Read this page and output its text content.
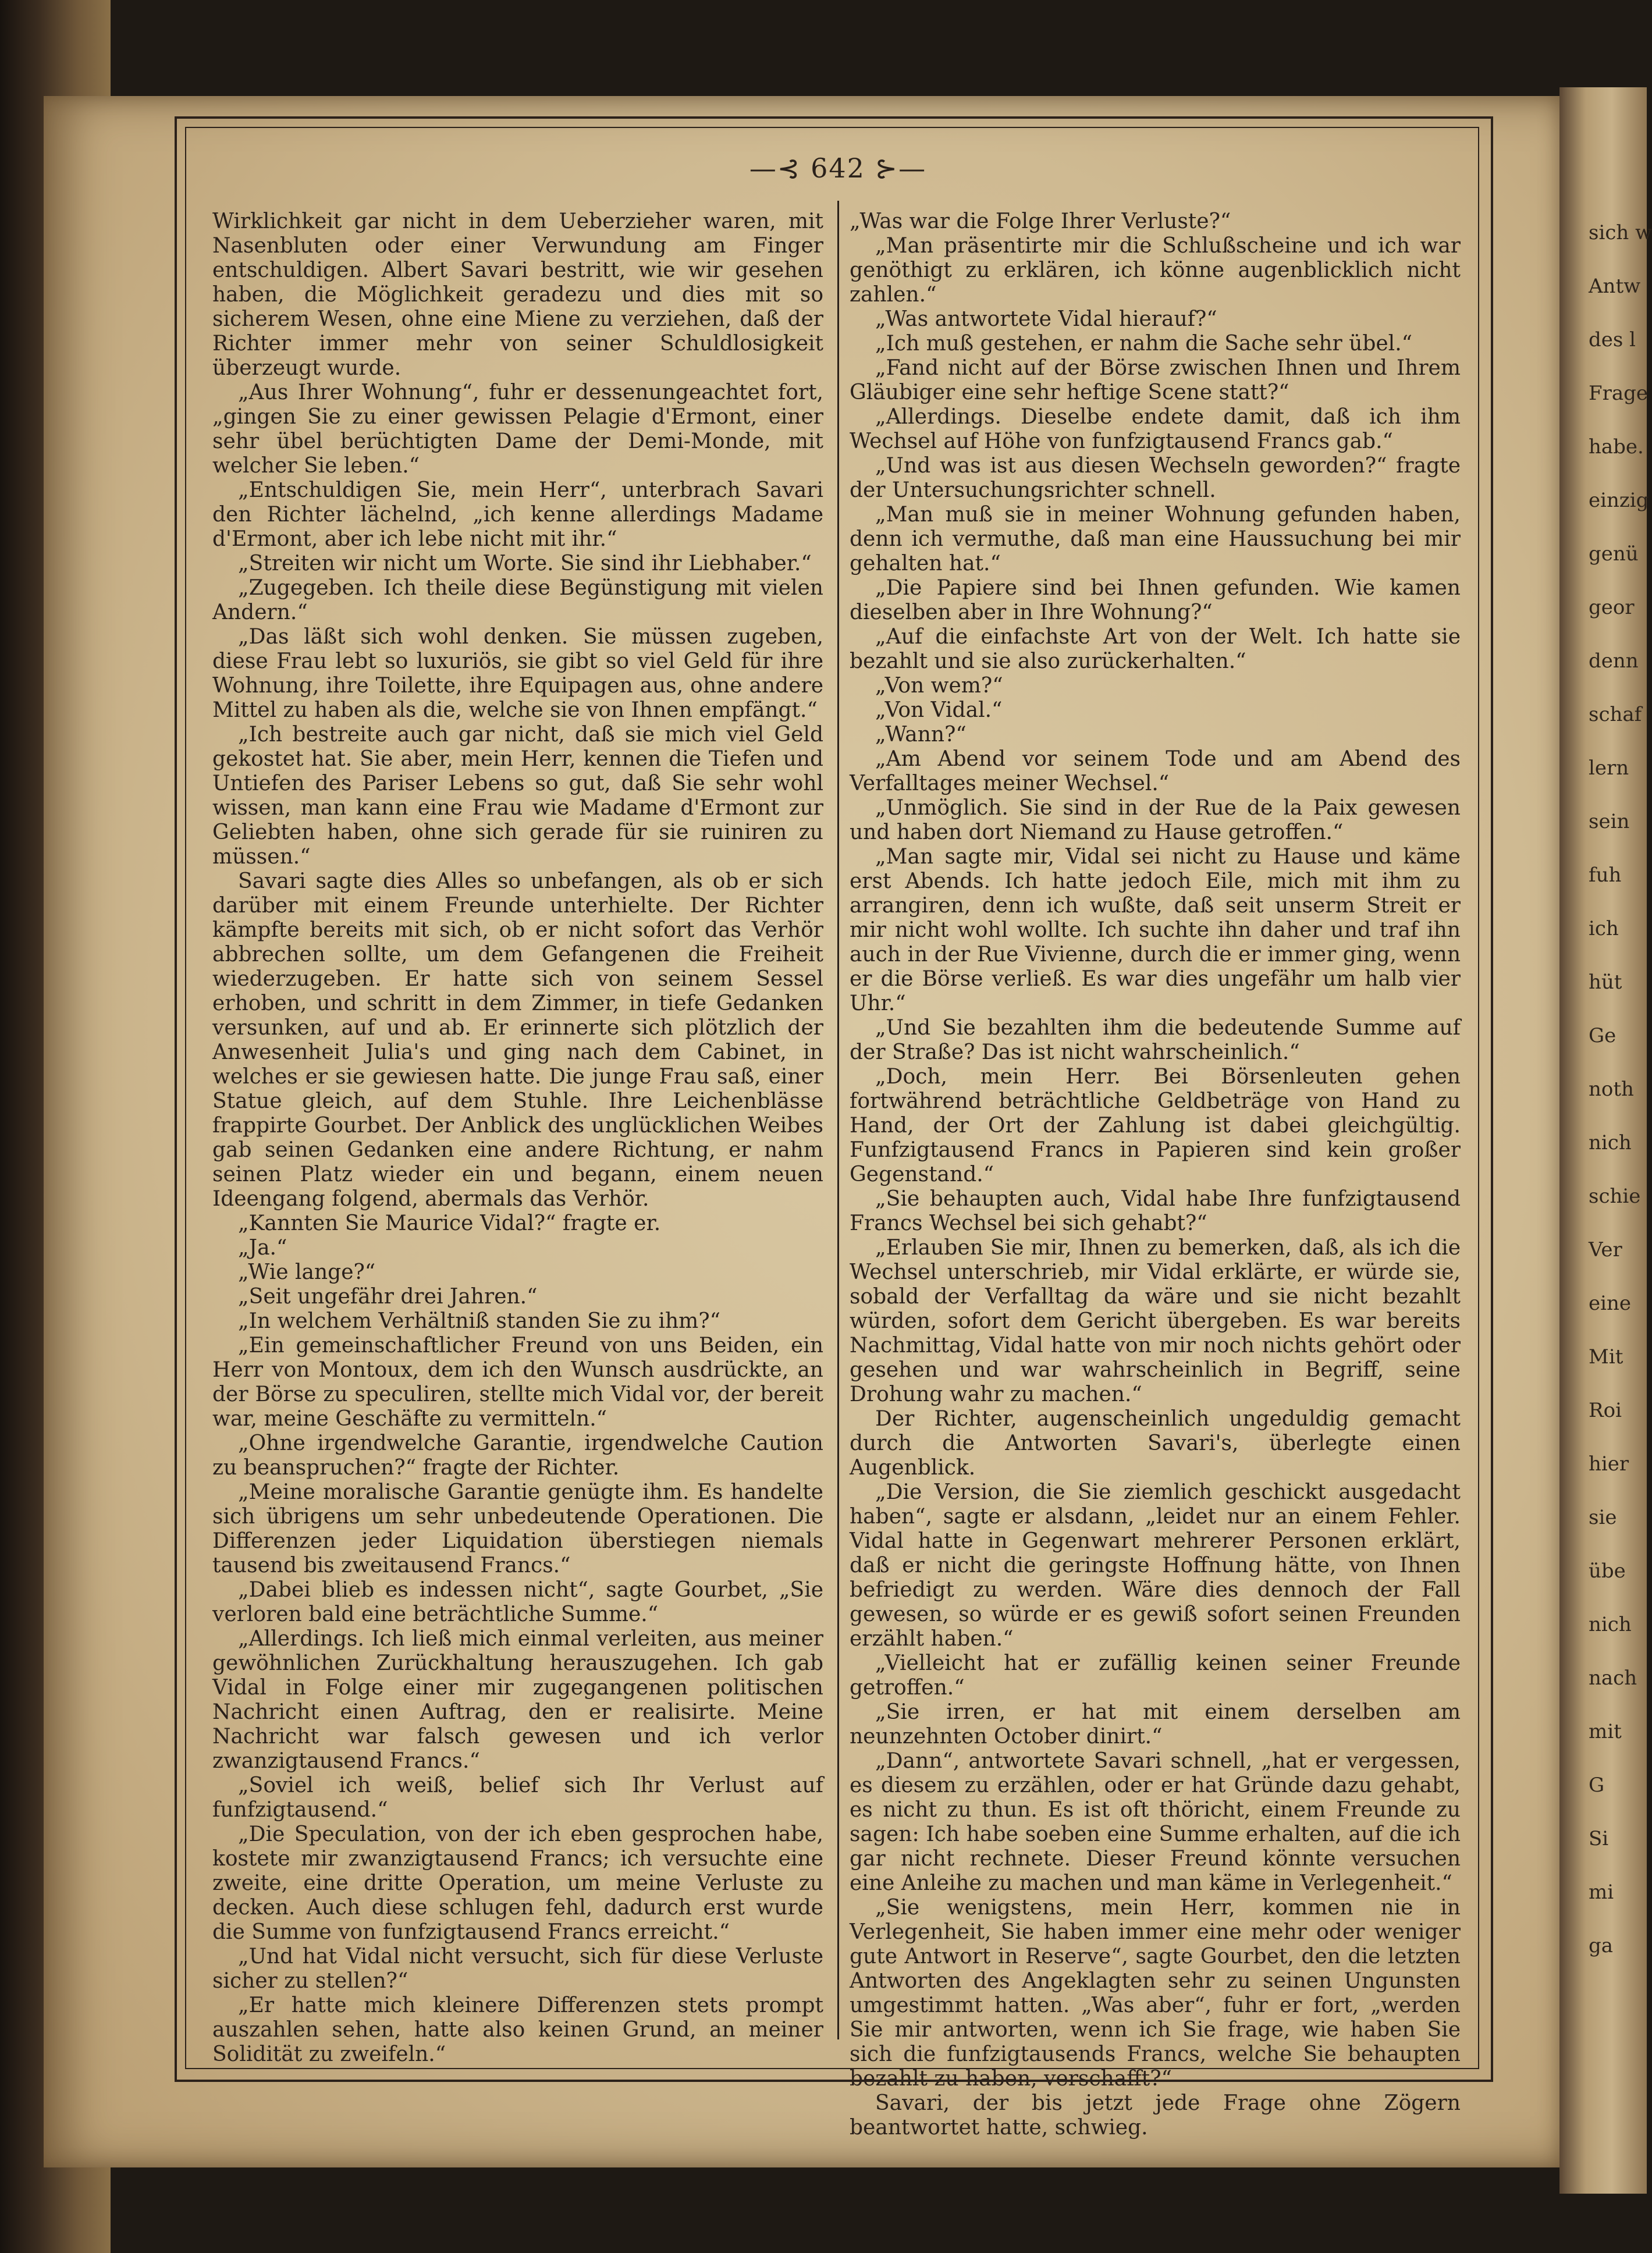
—⊰ 642 ⊱—

Wirklichkeit gar nicht in dem Ueberzieher waren, mit Nasenbluten oder einer Verwundung am Finger entschuldigen. Albert Savari bestritt, wie wir gesehen haben, die Möglichkeit geradezu und dies mit so sicherem Wesen, ohne eine Miene zu verziehen, daß der Richter immer mehr von seiner Schuldlosigkeit überzeugt wurde.

„Aus Ihrer Wohnung“, fuhr er dessenungeachtet fort, „gingen Sie zu einer gewissen Pelagie d'Ermont, einer sehr übel berüchtigten Dame der Demi-Monde, mit welcher Sie leben.“

„Entschuldigen Sie, mein Herr“, unterbrach Savari den Richter lächelnd, „ich kenne allerdings Madame d'Ermont, aber ich lebe nicht mit ihr.“

„Streiten wir nicht um Worte. Sie sind ihr Liebhaber.“

„Zugegeben. Ich theile diese Begünstigung mit vielen Andern.“

„Das läßt sich wohl denken. Sie müssen zugeben, diese Frau lebt so luxuriös, sie gibt so viel Geld für ihre Wohnung, ihre Toilette, ihre Equipagen aus, ohne andere Mittel zu haben als die, welche sie von Ihnen empfängt.“

„Ich bestreite auch gar nicht, daß sie mich viel Geld gekostet hat. Sie aber, mein Herr, kennen die Tiefen und Untiefen des Pariser Lebens so gut, daß Sie sehr wohl wissen, man kann eine Frau wie Madame d'Ermont zur Geliebten haben, ohne sich gerade für sie ruiniren zu müssen.“

Savari sagte dies Alles so unbefangen, als ob er sich darüber mit einem Freunde unterhielte. Der Richter kämpfte bereits mit sich, ob er nicht sofort das Verhör abbrechen sollte, um dem Gefangenen die Freiheit wiederzugeben. Er hatte sich von seinem Sessel erhoben, und schritt in dem Zimmer, in tiefe Gedanken versunken, auf und ab. Er erinnerte sich plötzlich der Anwesenheit Julia's und ging nach dem Cabinet, in welches er sie gewiesen hatte. Die junge Frau saß, einer Statue gleich, auf dem Stuhle. Ihre Leichenblässe frappirte Gourbet. Der Anblick des unglücklichen Weibes gab seinen Gedanken eine andere Richtung, er nahm seinen Platz wieder ein und begann, einem neuen Ideengang folgend, abermals das Verhör.

„Kannten Sie Maurice Vidal?“ fragte er.

„Ja.“

„Wie lange?“

„Seit ungefähr drei Jahren.“

„In welchem Verhältniß standen Sie zu ihm?“

„Ein gemeinschaftlicher Freund von uns Beiden, ein Herr von Montoux, dem ich den Wunsch ausdrückte, an der Börse zu speculiren, stellte mich Vidal vor, der bereit war, meine Geschäfte zu vermitteln.“

„Ohne irgendwelche Garantie, irgendwelche Caution zu beanspruchen?“ fragte der Richter.

„Meine moralische Garantie genügte ihm. Es handelte sich übrigens um sehr unbedeutende Operationen. Die Differenzen jeder Liquidation überstiegen niemals tausend bis zweitausend Francs.“

„Dabei blieb es indessen nicht“, sagte Gourbet, „Sie verloren bald eine beträchtliche Summe.“

„Allerdings. Ich ließ mich einmal verleiten, aus meiner gewöhnlichen Zurückhaltung herauszugehen. Ich gab Vidal in Folge einer mir zugegangenen politischen Nachricht einen Auftrag, den er realisirte. Meine Nachricht war falsch gewesen und ich verlor zwanzigtausend Francs.“

„Soviel ich weiß, belief sich Ihr Verlust auf funfzigtausend.“

„Die Speculation, von der ich eben gesprochen habe, kostete mir zwanzigtausend Francs; ich versuchte eine zweite, eine dritte Operation, um meine Verluste zu decken. Auch diese schlugen fehl, dadurch erst wurde die Summe von funfzigtausend Francs erreicht.“

„Und hat Vidal nicht versucht, sich für diese Verluste sicher zu stellen?“

„Er hatte mich kleinere Differenzen stets prompt auszahlen sehen, hatte also keinen Grund, an meiner Solidität zu zweifeln.“

„Was war die Folge Ihrer Verluste?“

„Man präsentirte mir die Schlußscheine und ich war genöthigt zu erklären, ich könne augenblicklich nicht zahlen.“

„Was antwortete Vidal hierauf?“

„Ich muß gestehen, er nahm die Sache sehr übel.“

„Fand nicht auf der Börse zwischen Ihnen und Ihrem Gläubiger eine sehr heftige Scene statt?“

„Allerdings. Dieselbe endete damit, daß ich ihm Wechsel auf Höhe von funfzigtausend Francs gab.“

„Und was ist aus diesen Wechseln geworden?“ fragte der Untersuchungsrichter schnell.

„Man muß sie in meiner Wohnung gefunden haben, denn ich vermuthe, daß man eine Haussuchung bei mir gehalten hat.“

„Die Papiere sind bei Ihnen gefunden. Wie kamen dieselben aber in Ihre Wohnung?“

„Auf die einfachste Art von der Welt. Ich hatte sie bezahlt und sie also zurückerhalten.“

„Von wem?“

„Von Vidal.“

„Wann?“

„Am Abend vor seinem Tode und am Abend des Verfalltages meiner Wechsel.“

„Unmöglich. Sie sind in der Rue de la Paix gewesen und haben dort Niemand zu Hause getroffen.“

„Man sagte mir, Vidal sei nicht zu Hause und käme erst Abends. Ich hatte jedoch Eile, mich mit ihm zu arrangiren, denn ich wußte, daß seit unserm Streit er mir nicht wohl wollte. Ich suchte ihn daher und traf ihn auch in der Rue Vivienne, durch die er immer ging, wenn er die Börse verließ. Es war dies ungefähr um halb vier Uhr.“

„Und Sie bezahlten ihm die bedeutende Summe auf der Straße? Das ist nicht wahrscheinlich.“

„Doch, mein Herr. Bei Börsenleuten gehen fortwährend beträchtliche Geldbeträge von Hand zu Hand, der Ort der Zahlung ist dabei gleichgültig. Funfzigtausend Francs in Papieren sind kein großer Gegenstand.“

„Sie behaupten auch, Vidal habe Ihre funfzigtausend Francs Wechsel bei sich gehabt?“

„Erlauben Sie mir, Ihnen zu bemerken, daß, als ich die Wechsel unterschrieb, mir Vidal erklärte, er würde sie, sobald der Verfalltag da wäre und sie nicht bezahlt würden, sofort dem Gericht übergeben. Es war bereits Nachmittag, Vidal hatte von mir noch nichts gehört oder gesehen und war wahrscheinlich in Begriff, seine Drohung wahr zu machen.“

Der Richter, augenscheinlich ungeduldig gemacht durch die Antworten Savari's, überlegte einen Augenblick.

„Die Version, die Sie ziemlich geschickt ausgedacht haben“, sagte er alsdann, „leidet nur an einem Fehler. Vidal hatte in Gegenwart mehrerer Personen erklärt, daß er nicht die geringste Hoffnung hätte, von Ihnen befriedigt zu werden. Wäre dies dennoch der Fall gewesen, so würde er es gewiß sofort seinen Freunden erzählt haben.“

„Vielleicht hat er zufällig keinen seiner Freunde getroffen.“

„Sie irren, er hat mit einem derselben am neunzehnten October dinirt.“

„Dann“, antwortete Savari schnell, „hat er vergessen, es diesem zu erzählen, oder er hat Gründe dazu gehabt, es nicht zu thun. Es ist oft thöricht, einem Freunde zu sagen: Ich habe soeben eine Summe erhalten, auf die ich gar nicht rechnete. Dieser Freund könnte versuchen eine Anleihe zu machen und man käme in Verlegenheit.“

„Sie wenigstens, mein Herr, kommen nie in Verlegenheit, Sie haben immer eine mehr oder weniger gute Antwort in Reserve“, sagte Gourbet, den die letzten Antworten des Angeklagten sehr zu seinen Ungunsten umgestimmt hatten. „Was aber“, fuhr er fort, „werden Sie mir antworten, wenn ich Sie frage, wie haben Sie sich die funfzigtausends Francs, welche Sie behaupten bezahlt zu haben, verschafft?“

Savari, der bis jetzt jede Frage ohne Zögern beantwortet hatte, schwieg.

sich w
Antw
des l
Frage
habe.
einzig
genü
geor
denn
schaf
lern
sein
fuh
ich
hüt
Ge
noth
nich
schie
Ver
eine
Mit
Roi
hier
sie
übe
nich
nach
mit
G
Si
mi
ga
